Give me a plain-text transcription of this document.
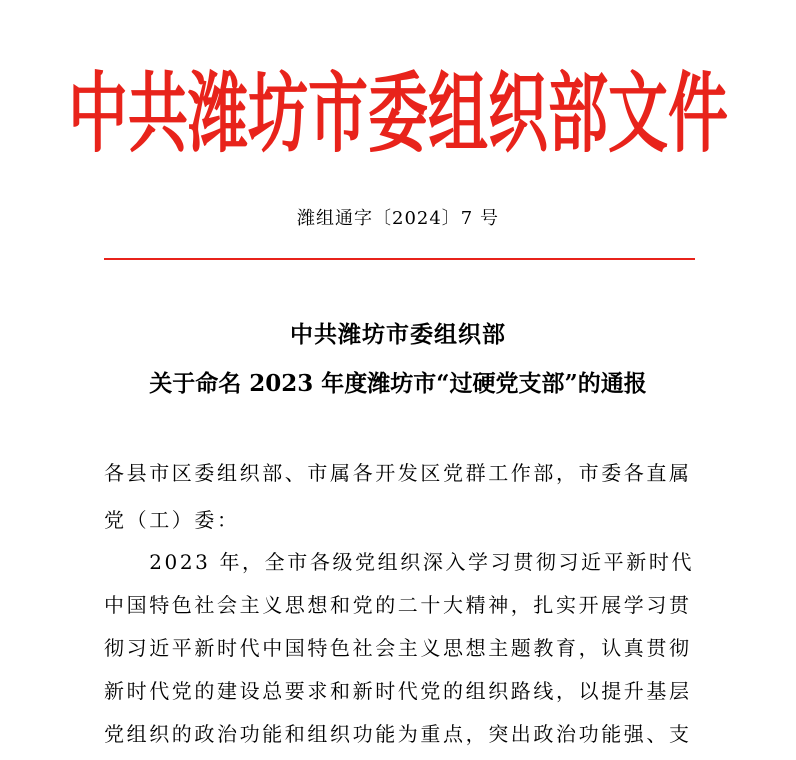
中共潍坊市委组织部文件
潍组通字〔2024〕7 号
中共潍坊市委组织部
关于命名 2023 年度潍坊市“过硬党支部”的通报
各县市区委组织部、市属各开发区党群工作部，市委各直属
党（工）委：
　　2023 年，全市各级党组织深入学习贯彻习近平新时代
中国特色社会主义思想和党的二十大精神，扎实开展学习贯
彻习近平新时代中国特色社会主义思想主题教育，认真贯彻
新时代党的建设总要求和新时代党的组织路线，以提升基层
党组织的政治功能和组织功能为重点，突出政治功能强、支
